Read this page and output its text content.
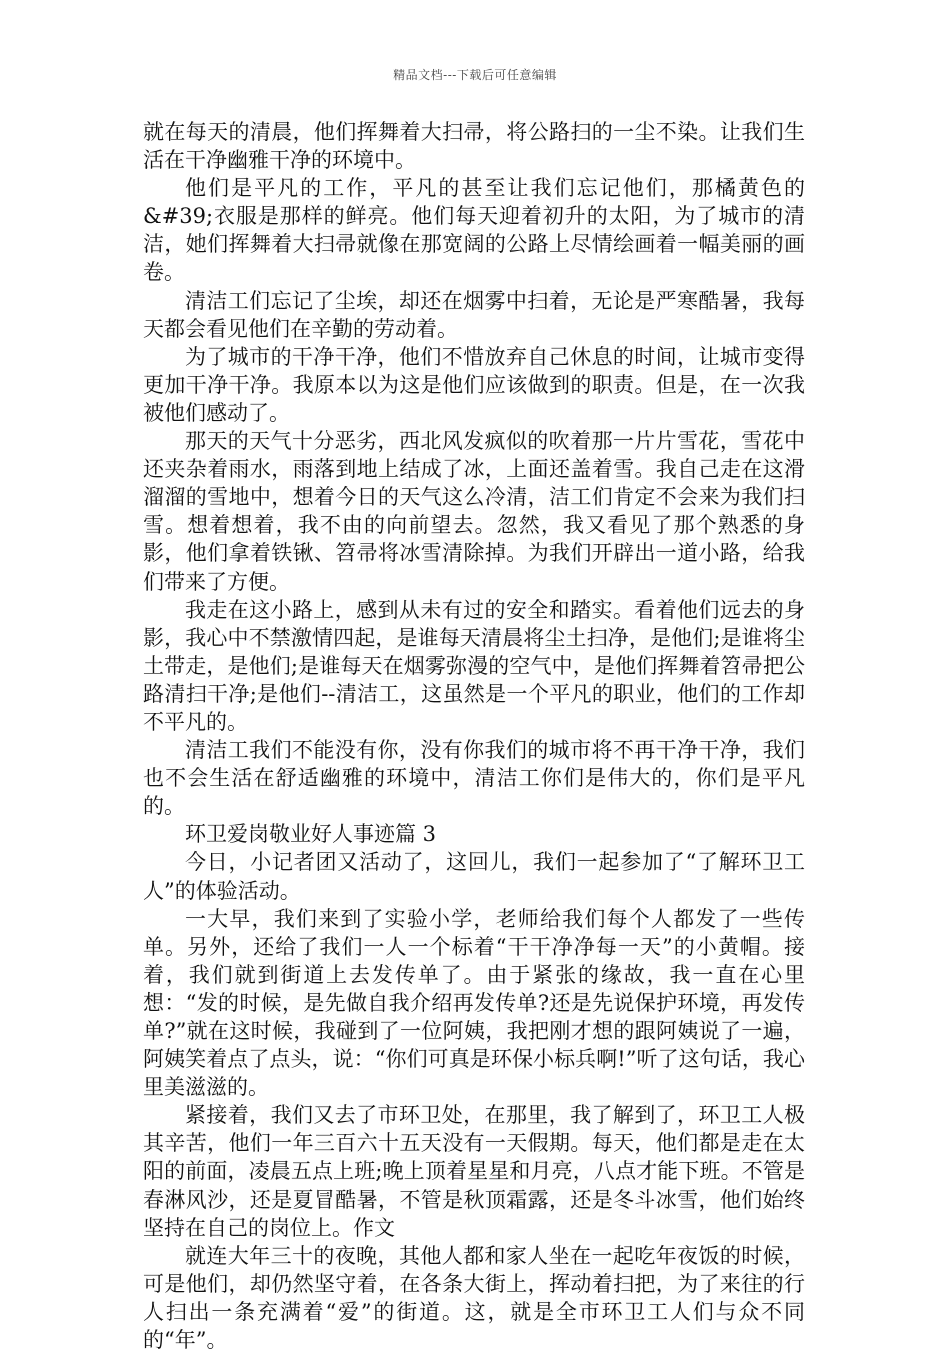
精品文档---下载后可任意编辑

就在每天的清晨，他们挥舞着大扫帚，将公路扫的一尘不染。让我们生活在干净幽雅干净的环境中。

他们是平凡的工作，平凡的甚至让我们忘记他们，那橘黄色的&#39;衣服是那样的鲜亮。他们每天迎着初升的太阳，为了城市的清洁，她们挥舞着大扫帚就像在那宽阔的公路上尽情绘画着一幅美丽的画卷。

清洁工们忘记了尘埃，却还在烟雾中扫着，无论是严寒酷暑，我每天都会看见他们在辛勤的劳动着。

为了城市的干净干净，他们不惜放弃自己休息的时间，让城市变得更加干净干净。我原本以为这是他们应该做到的职责。但是，在一次我被他们感动了。

那天的天气十分恶劣，西北风发疯似的吹着那一片片雪花，雪花中还夹杂着雨水，雨落到地上结成了冰，上面还盖着雪。我自己走在这滑溜溜的雪地中，想着今日的天气这么冷清，洁工们肯定不会来为我们扫雪。想着想着，我不由的向前望去。忽然，我又看见了那个熟悉的身影，他们拿着铁锹、笤帚将冰雪清除掉。为我们开辟出一道小路，给我们带来了方便。

我走在这小路上，感到从未有过的安全和踏实。看着他们远去的身影，我心中不禁激情四起，是谁每天清晨将尘土扫净，是他们;是谁将尘土带走，是他们;是谁每天在烟雾弥漫的空气中，是他们挥舞着笤帚把公路清扫干净;是他们--清洁工，这虽然是一个平凡的职业，他们的工作却不平凡的。

清洁工我们不能没有你，没有你我们的城市将不再干净干净，我们也不会生活在舒适幽雅的环境中，清洁工你们是伟大的，你们是平凡的。

环卫爱岗敬业好人事迹篇 3

今日，小记者团又活动了，这回儿，我们一起参加了“了解环卫工人”的体验活动。

一大早，我们来到了实验小学，老师给我们每个人都发了一些传单。另外，还给了我们一人一个标着“干干净净每一天”的小黄帽。接着，我们就到街道上去发传单了。由于紧张的缘故，我一直在心里想：“发的时候，是先做自我介绍再发传单?还是先说保护环境，再发传单?”就在这时候，我碰到了一位阿姨，我把刚才想的跟阿姨说了一遍，阿姨笑着点了点头，说：“你们可真是环保小标兵啊!”听了这句话，我心里美滋滋的。

紧接着，我们又去了市环卫处，在那里，我了解到了，环卫工人极其辛苦，他们一年三百六十五天没有一天假期。每天，他们都是走在太阳的前面，凌晨五点上班;晚上顶着星星和月亮，八点才能下班。不管是春淋风沙，还是夏冒酷暑，不管是秋顶霜露，还是冬斗冰雪，他们始终坚持在自己的岗位上。作文

就连大年三十的夜晚，其他人都和家人坐在一起吃年夜饭的时候，可是他们，却仍然坚守着，在各条大街上，挥动着扫把，为了来往的行人扫出一条充满着“爱”的街道。这，就是全市环卫工人们与众不同的“年”。
